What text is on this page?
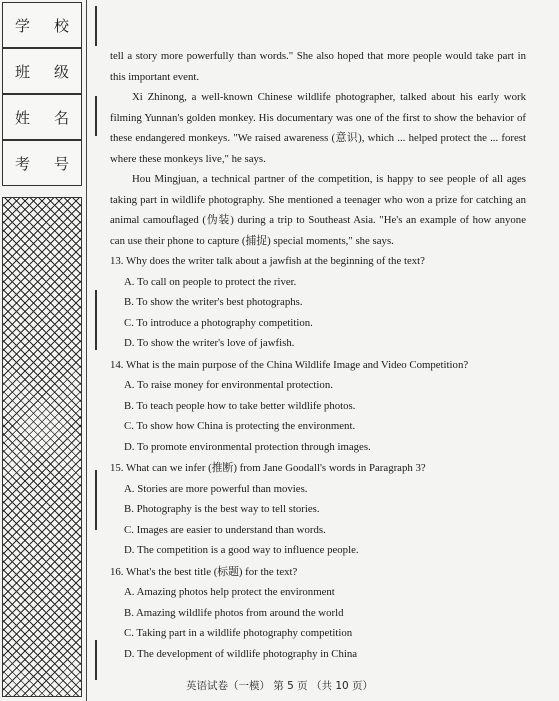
学 校
班 级
姓 名
考 号

tell a story more powerfully than words." She also hoped that more people would take part in this important event.

Xi Zhinong, a well-known Chinese wildlife photographer, talked about his early work filming Yunnan's golden monkey. His documentary was one of the first to show the behavior of these endangered monkeys. "We raised awareness (意识), which ... helped protect the ... forest where these monkeys live," he says.

Hou Mingjuan, a technical partner of the competition, is happy to see people of all ages taking part in wildlife photography. She mentioned a teenager who won a prize for catching an animal camouflaged (伪装) during a trip to Southeast Asia. "He's an example of how anyone can use their phone to capture (捕捉) special moments," she says.

13. Why does the writer talk about a jawfish at the beginning of the text?
A. To call on people to protect the river.
B. To show the writer's best photographs.
C. To introduce a photography competition.
D. To show the writer's love of jawfish.
14. What is the main purpose of the China Wildlife Image and Video Competition?
A. To raise money for environmental protection.
B. To teach people how to take better wildlife photos.
C. To show how China is protecting the environment.
D. To promote environmental protection through images.
15. What can we infer (推断) from Jane Goodall's words in Paragraph 3?
A. Stories are more powerful than movies.
B. Photography is the best way to tell stories.
C. Images are easier to understand than words.
D. The competition is a good way to influence people.
16. What's the best title (标题) for the text?
A. Amazing photos help protect the environment
B. Amazing wildlife photos from around the world
C. Taking part in a wildlife photography competition
D. The development of wildlife photography in China
英语试卷（一模） 第 5 页 （共 10 页）
